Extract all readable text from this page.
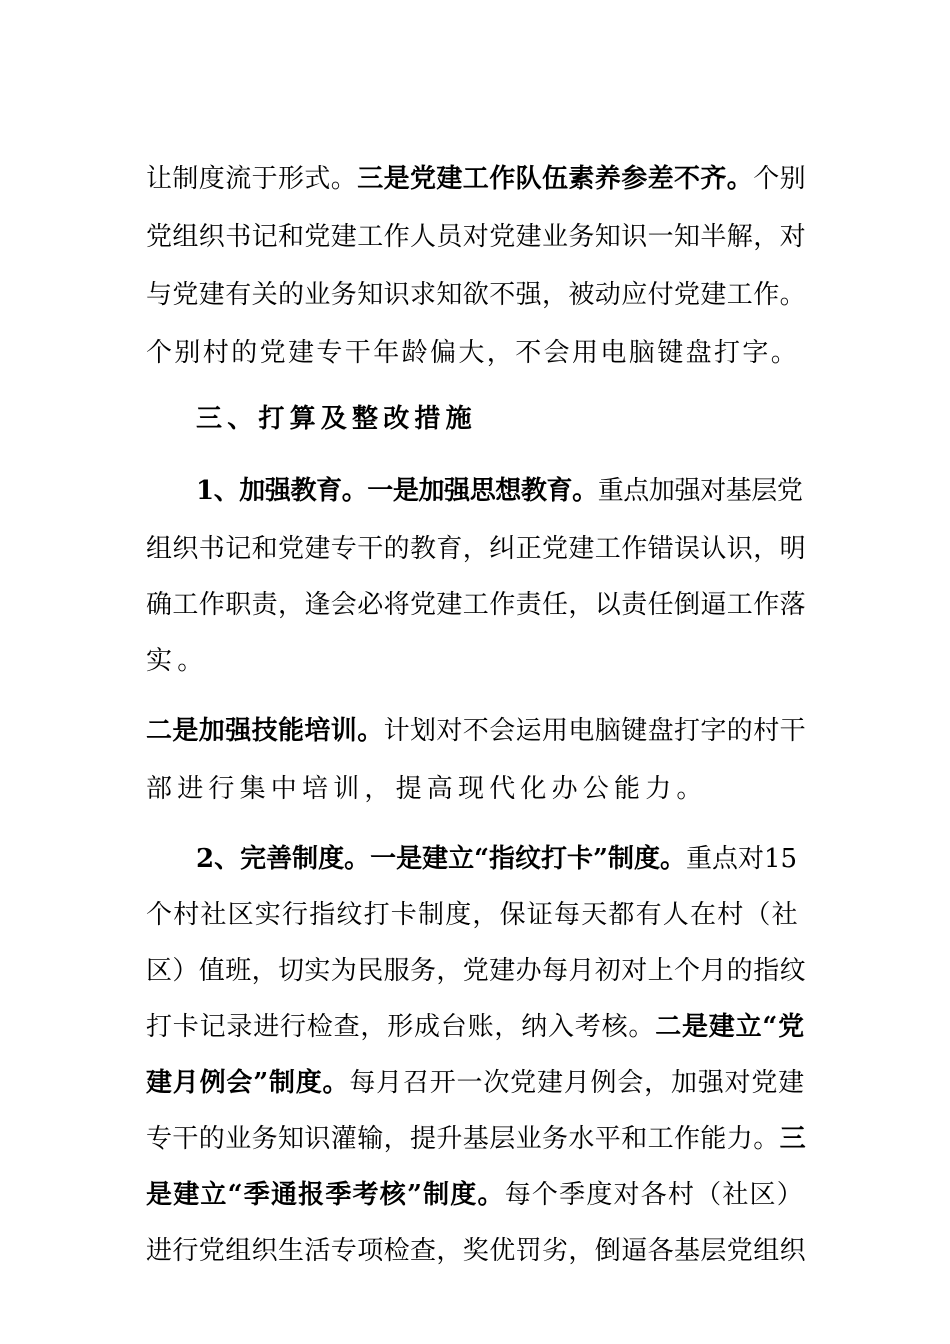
让制度流于形式。三是党建工作队伍素养参差不齐。个别

党组织书记和党建工作人员对党建业务知识一知半解，对

与党建有关的业务知识求知欲不强，被动应付党建工作。

个别村的党建专干年龄偏大，不会用电脑键盘打字。

三、打算及整改措施

1、加强教育。一是加强思想教育。重点加强对基层党

组织书记和党建专干的教育，纠正党建工作错误认识，明

确工作职责，逢会必将党建工作责任，以责任倒逼工作落

实。

二是加强技能培训。计划对不会运用电脑键盘打字的村干

部进行集中培训，提高现代化办公能力。

2、完善制度。一是建立“指纹打卡”制度。重点对15

个村社区实行指纹打卡制度，保证每天都有人在村（社

区）值班，切实为民服务，党建办每月初对上个月的指纹

打卡记录进行检查，形成台账，纳入考核。二是建立“党

建月例会”制度。每月召开一次党建月例会，加强对党建

专干的业务知识灌输，提升基层业务水平和工作能力。三

是建立“季通报季考核”制度。每个季度对各村（社区）

进行党组织生活专项检查，奖优罚劣，倒逼各基层党组织
